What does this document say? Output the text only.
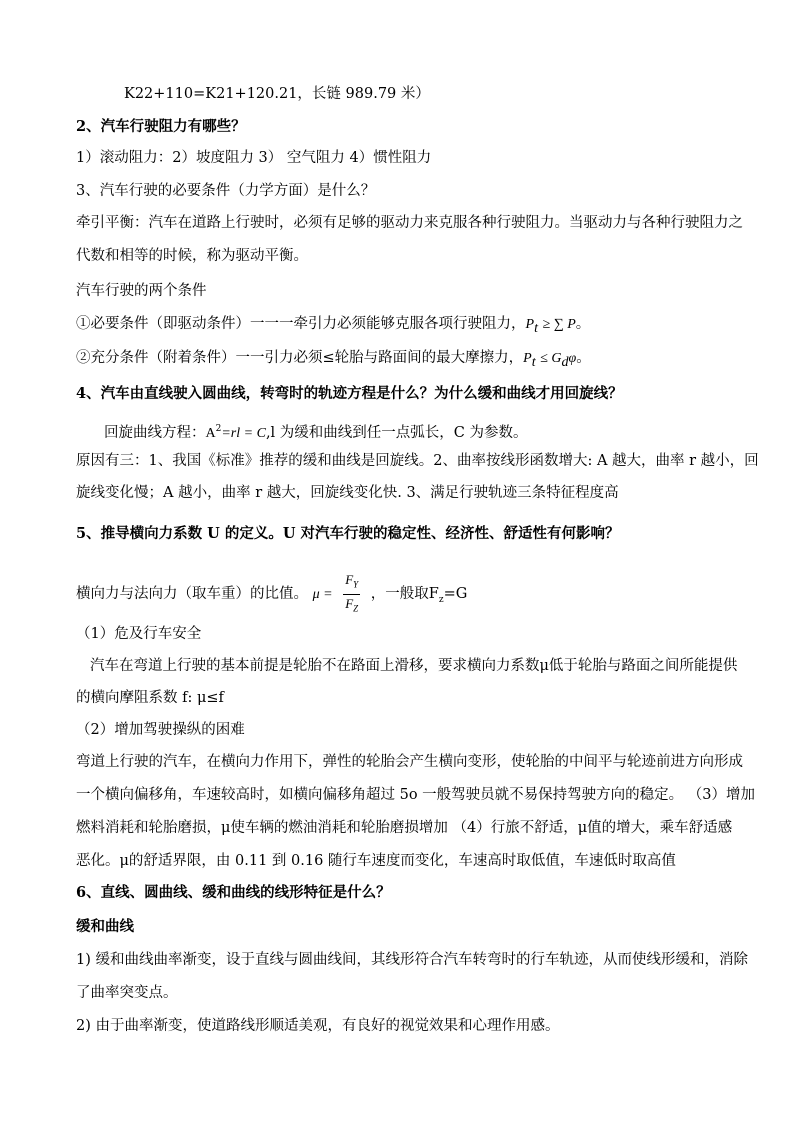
K22+110=K21+120.21，长链 989.79 米）
2、汽车行驶阻力有哪些？
1）滚动阻力：2）坡度阻力 3） 空气阻力 4）惯性阻力
3、汽车行驶的必要条件（力学方面）是什么？
牵引平衡：汽车在道路上行驶时，必须有足够的驱动力来克服各种行驶阻力。当驱动力与各种行驶阻力之
代数和相等的时候，称为驱动平衡。
汽车行驶的两个条件
①必要条件（即驱动条件）一一一牵引力必须能够克服各项行驶阻力，$P_t$ ≥ ∑ P。
②充分条件（附着条件）一一引力必须≤轮胎与路面间的最大摩擦力，$P_t \le G_d\varphi$。
4、汽车由直线驶入圆曲线，转弯时的轨迹方程是什么？为什么缓和曲线才用回旋线？
回旋曲线方程：$A^2=rl = C,l$ 为缓和曲线到任一点弧长，C 为参数。
原因有三：1、我国《标准》推荐的缓和曲线是回旋线。2、曲率按线形函数增大: A 越大，曲率 r 越小，回
旋线变化慢；A 越小，曲率 r 越大，回旋线变化快. 3、满足行驶轨迹三条特征程度高
5、推导横向力系数 U 的定义。U 对汽车行驶的稳定性、经济性、舒适性有何影响？
横向力与法向力（取车重）的比值。 $\mu = \frac{F_Y}{F_Z}$ ，一般取$F_z=G$
（1）危及行车安全
汽车在弯道上行驶的基本前提是轮胎不在路面上滑移，要求横向力系数μ低于轮胎与路面之间所能提供
的横向摩阻系数 f: μ≤f
（2）增加驾驶操纵的困难
弯道上行驶的汽车，在横向力作用下，弹性的轮胎会产生横向变形，使轮胎的中间平与轮迹前进方向形成
一个横向偏移角，车速较高时，如横向偏移角超过 5o 一般驾驶员就不易保持驾驶方向的稳定。 （3）增加
燃料消耗和轮胎磨损，μ使车辆的燃油消耗和轮胎磨损增加 （4）行旅不舒适，μ值的增大，乘车舒适感
恶化。μ的舒适界限，由 0.11 到 0.16 随行车速度而变化，车速高时取低值，车速低时取高值
6、直线、圆曲线、缓和曲线的线形特征是什么？
缓和曲线
1) 缓和曲线曲率渐变，设于直线与圆曲线间，其线形符合汽车转弯时的行车轨迹，从而使线形缓和，消除
了曲率突变点。
2) 由于曲率渐变，使道路线形顺适美观，有良好的视觉效果和心理作用感。
